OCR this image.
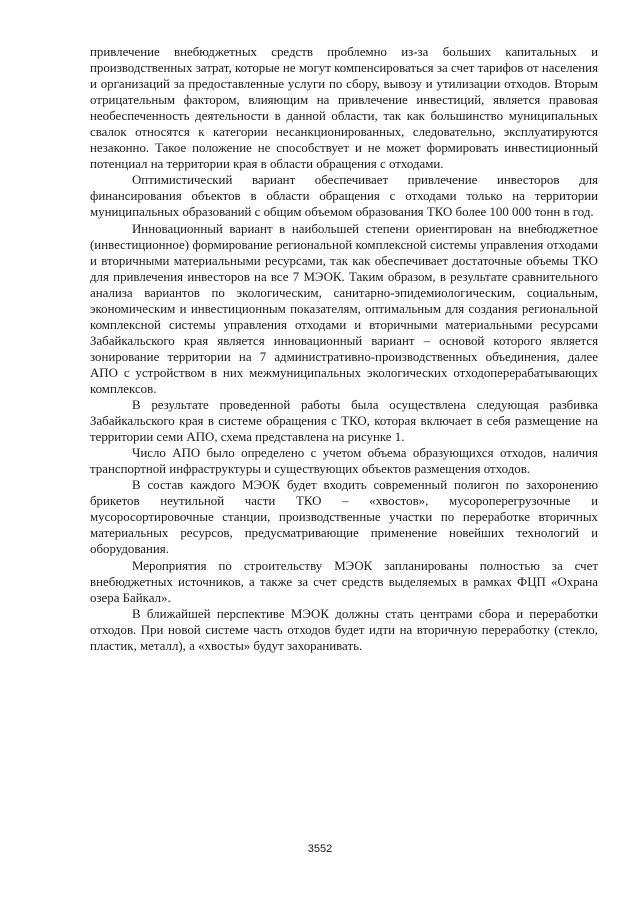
привлечение внебюджетных средств проблемно из-за больших капитальных и производственных затрат, которые не могут компенсироваться за счет тарифов от населения и организаций за предоставленные услуги по сбору, вывозу и утилизации отходов. Вторым отрицательным фактором, влияющим на привлечение инвестиций, является правовая необеспеченность деятельности в данной области, так как большинство муниципальных свалок относятся к категории несанкционированных, следовательно, эксплуатируются незаконно. Такое положение не способствует и не может формировать инвестиционный потенциал на территории края в области обращения с отходами.

Оптимистический вариант обеспечивает привлечение инвесторов для финансирования объектов в области обращения с отходами только на территории муниципальных образований с общим объемом образования ТКО более 100 000 тонн в год.

Инновационный вариант в наибольшей степени ориентирован на внебюджетное (инвестиционное) формирование региональной комплексной системы управления отходами и вторичными материальными ресурсами, так как обеспечивает достаточные объемы ТКО для привлечения инвесторов на все 7 МЭОК. Таким образом, в результате сравнительного анализа вариантов по экологическим, санитарно-эпидемиологическим, социальным, экономическим и инвестиционным показателям, оптимальным для создания региональной комплексной системы управления отходами и вторичными материальными ресурсами Забайкальского края является инновационный вариант – основой которого является зонирование территории на 7 административно-производственных объединения, далее АПО с устройством в них межмуниципальных экологических отходоперерабатывающих комплексов.

В результате проведенной работы была осуществлена следующая разбивка Забайкальского края в системе обращения с ТКО, которая включает в себя размещение на территории семи АПО, схема представлена на рисунке 1.

Число АПО было определено с учетом объема образующихся отходов, наличия транспортной инфраструктуры и существующих объектов размещения отходов.

В состав каждого МЭОК будет входить современный полигон по захоронению брикетов неутильной части ТКО – «хвостов», мусороперегрузочные и мусоросортировочные станции, производственные участки по переработке вторичных материальных ресурсов, предусматривающие применение новейших технологий и оборудования.

Мероприятия по строительству МЭОК запланированы полностью за счет внебюджетных источников, а также за счет средств выделяемых в рамках ФЦП «Охрана озера Байкал».

В ближайшей перспективе МЭОК должны стать центрами сбора и переработки отходов. При новой системе часть отходов будет идти на вторичную переработку (стекло, пластик, металл), а «хвосты» будут захоранивать.

3552
